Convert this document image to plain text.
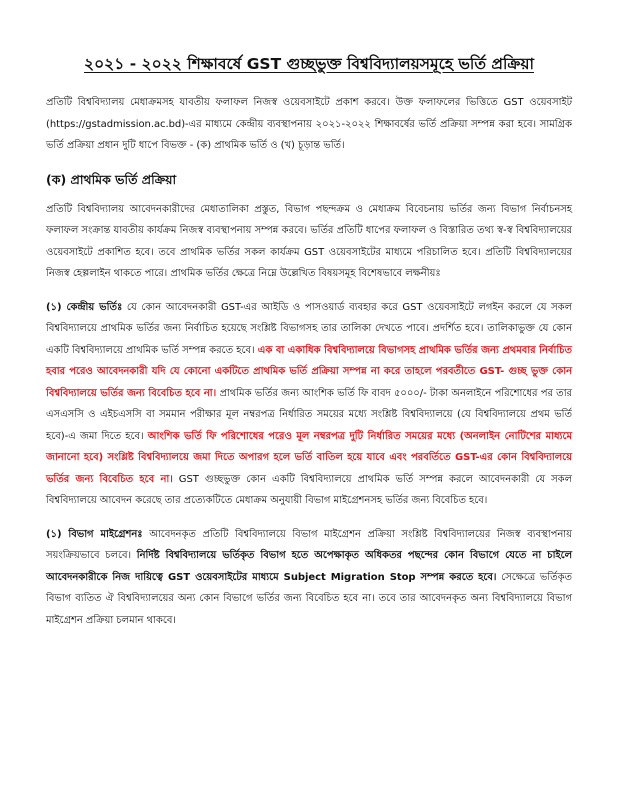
২০২১ - ২০২২ শিক্ষাবর্ষে GST গুচ্ছভুক্ত বিশ্ববিদ্যালয়সমূহে ভর্তি প্রক্রিয়া

প্রতিটি বিশ্ববিদ্যালয় মেধাক্রমসহ যাবতীয় ফলাফল নিজস্ব ওয়েবসাইটে প্রকাশ করবে। উক্ত ফলাফলের ভিত্তিতে GST ওয়েবসাইট (https://gstadmission.ac.bd)-এর মাধ্যমে কেন্দ্রীয় ব্যবস্থাপনায় ২০২১-২০২২ শিক্ষাবর্ষের ভর্তি প্রক্রিয়া সম্পন্ন করা হবে। সামগ্রিক ভর্তি প্রক্রিয়া প্রধান দুটি ধাপে বিভক্ত - (ক) প্রাথমিক ভর্তি ও (খ) চূড়ান্ত ভর্তি।

(ক) প্রাথমিক ভর্তি প্রক্রিয়া

প্রতিটি বিশ্ববিদ্যালয় আবেদনকারীদের মেধাতালিকা প্রস্তুত, বিভাগ পছন্দক্রম ও মেধাক্রম বিবেচনায় ভর্তির জন্য বিভাগ নির্বাচনসহ ফলাফল সংক্রান্ত যাবতীয় কার্যক্রম নিজস্ব ব্যবস্থাপনায় সম্পন্ন করবে। ভর্তির প্রতিটি ধাপের ফলাফল ও বিস্তারিত তথ্য স্ব-স্ব বিশ্ববিদ্যালয়ের ওয়েবসাইটে প্রকাশিত হবে। তবে প্রাথমিক ভর্তির সকল কার্যক্রম GST ওয়েবসাইটের মাধ্যমে পরিচালিত হবে। প্রতিটি বিশ্ববিদ্যালয়ের নিজস্ব হেল্পলাইন থাকতে পারে। প্রাথমিক ভর্তির ক্ষেত্রে নিম্নে উল্লেখিত বিষয়সমূহ বিশেষভাবে লক্ষনীয়ঃ

(১) কেন্দ্রীয় ভর্তিঃ যে কোন আবেদনকারী GST-এর আইডি ও পাসওয়ার্ড ব্যবহার করে GST ওয়েবসাইটে লগইন করলে যে সকল বিশ্ববিদ্যালয়ে প্রাথমিক ভর্তির জন্য নির্বাচিত হয়েছে সংশ্লিষ্ট বিভাগসহ তার তালিকা দেখতে পাবে। প্রদর্শিত হবে। তালিকাভুক্ত যে কোন একটি বিশ্ববিদ্যালয়ে প্রাথমিক ভর্তি সম্পন্ন করতে হবে। এক বা একাধিক বিশ্ববিদ্যালয়ে বিভাগসহ প্রাথমিক ভর্তির জন্য প্রথমবার নির্বাচিত হবার পরেও আবেদনকারী যদি যে কোনো একটিতে প্রাথমিক ভর্তি প্রক্রিয়া সম্পন্ন না করে তাহলে পরবর্তীতে GST- গুচ্ছ ভুক্ত কোন বিশ্ববিদ্যালয়ে ভর্তির জন্য বিবেচিত হবে না। প্রাথমিক ভর্তির জন্য আংশিক ভর্তি ফি বাবদ ৫০০০/- টাকা অনলাইনে পরিশোধের পর তার এসএসসি ও এইচএসসি বা সমমান পরীক্ষার মূল নম্বরপত্র নির্ধারিত সময়ের মধ্যে সংশ্লিষ্ট বিশ্ববিদ্যালয়ে (যে বিশ্ববিদ্যালয়ে প্রথম ভর্তি হবে)-এ জমা দিতে হবে। আংশিক ভর্তি ফি পরিশোধের পরেও মূল নম্বরপত্র দুটি নির্ধারিত সময়ের মধ্যে (অনলাইন নোটিশের মাধ্যমে জানানো হবে) সংশ্লিষ্ট বিশ্ববিদ্যালয়ে জমা দিতে অপারগ হলে ভর্তি বাতিল হয়ে যাবে এবং পরবর্তিতে GST-এর কোন বিশ্ববিদ্যালয়ে ভর্তির জন্য বিবেচিত হবে না। GST গুচ্ছভুক্ত কোন একটি বিশ্ববিদ্যালয়ে প্রাথমিক ভর্তি সম্পন্ন করলে আবেদনকারী যে সকল বিশ্ববিদ্যালয়ে আবেদন করেছে তার প্রত্যেকটিতে মেধাক্রম অনুযায়ী বিভাগ মাইগ্রেশনসহ ভর্তির জন্য বিবেচিত হবে।

(১) বিভাগ মাইগ্রেশনঃ আবেদনকৃত প্রতিটি বিশ্ববিদ্যালয়ে বিভাগ মাইগ্রেশন প্রক্রিয়া সংশ্লিষ্ট বিশ্ববিদ্যালয়ের নিজস্ব ব্যবস্থাপনায় সয়ংক্রিয়ভাবে চলবে। নির্দিষ্ট বিশ্ববিদ্যালয়ে ভর্তিকৃত বিভাগ হতে অপেক্ষাকৃত অধিকতর পছন্দের কোন বিভাগে যেতে না চাইলে আবেদনকারীকে নিজ দায়িত্বে GST ওয়েবসাইটের মাধ্যমে Subject Migration Stop সম্পন্ন করতে হবে। সেক্ষেত্রে ভর্তিকৃত বিভাগ ব্যতিত ঐ বিশ্ববিদ্যালয়ের অন্য কোন বিভাগে ভর্তির জন্য বিবেচিত হবে না। তবে তার আবেদনকৃত অন্য বিশ্ববিদ্যালয়ে বিভাগ মাইগ্রেশন প্রক্রিয়া চলমান থাকবে।
